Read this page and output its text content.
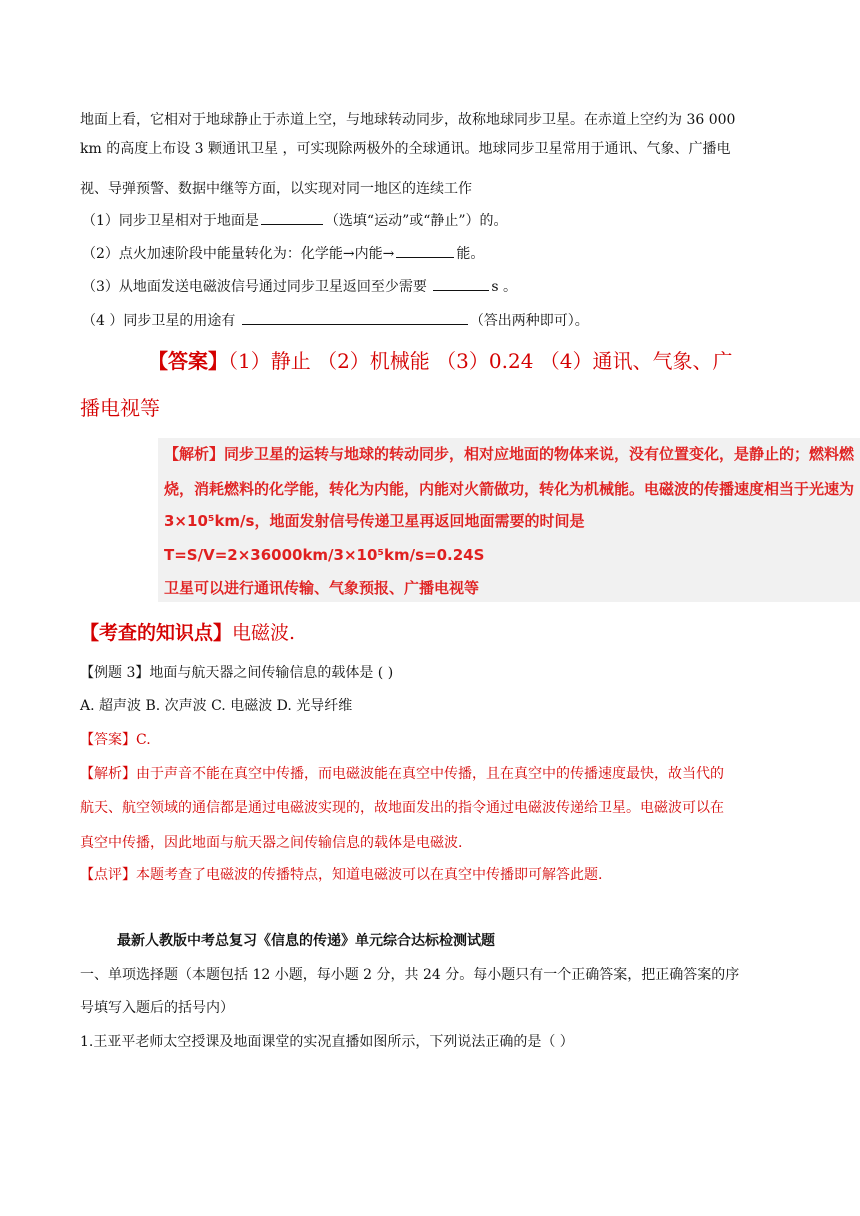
地面上看，它相对于地球静止于赤道上空，与地球转动同步，故称地球同步卫星。在赤道上空约为 36 000
km 的高度上布设 3 颗通讯卫星 ，可实现除两极外的全球通讯。地球同步卫星常用于通讯、气象、广播电
视、导弹预警、数据中继等方面，以实现对同一地区的连续工作
（1）同步卫星相对于地面是	（选填“运动”或“静止”）的。
（2）点火加速阶段中能量转化为：化学能→内能→	能。
（3）从地面发送电磁波信号通过同步卫星返回至少需要	s 。
（4 ）同步卫星的用途有	（答出两种即可）。
【答案】（1）静止 （2）机械能 （3）0.24 （4）通讯、气象、广
播电视等
【解析】同步卫星的运转与地球的转动同步，相对应地面的物体来说，没有位置变化，是静止的；燃料燃
烧，消耗燃料的化学能，转化为内能，内能对火箭做功，转化为机械能。电磁波的传播速度相当于光速为
3×10⁵km/s，地面发射信号传递卫星再返回地面需要的时间是
T=S/V=2×36000km/3×10⁵km/s=0.24S
卫星可以进行通讯传输、气象预报、广播电视等
【考查的知识点】电磁波.
【例题 3】地面与航天器之间传输信息的载体是 ( )
A. 超声波 B. 次声波 C. 电磁波 D. 光导纤维
【答案】C.
【解析】由于声音不能在真空中传播，而电磁波能在真空中传播，且在真空中的传播速度最快，故当代的
航天、航空领域的通信都是通过电磁波实现的，故地面发出的指令通过电磁波传递给卫星。电磁波可以在
真空中传播，因此地面与航天器之间传输信息的载体是电磁波.
【点评】本题考查了电磁波的传播特点，知道电磁波可以在真空中传播即可解答此题.
最新人教版中考总复习《信息的传递》单元综合达标检测试题
一、单项选择题（本题包括 12 小题，每小题 2 分，共 24 分。每小题只有一个正确答案，把正确答案的序
号填写入题后的括号内）
1.王亚平老师太空授课及地面课堂的实况直播如图所示，下列说法正确的是（ ）
